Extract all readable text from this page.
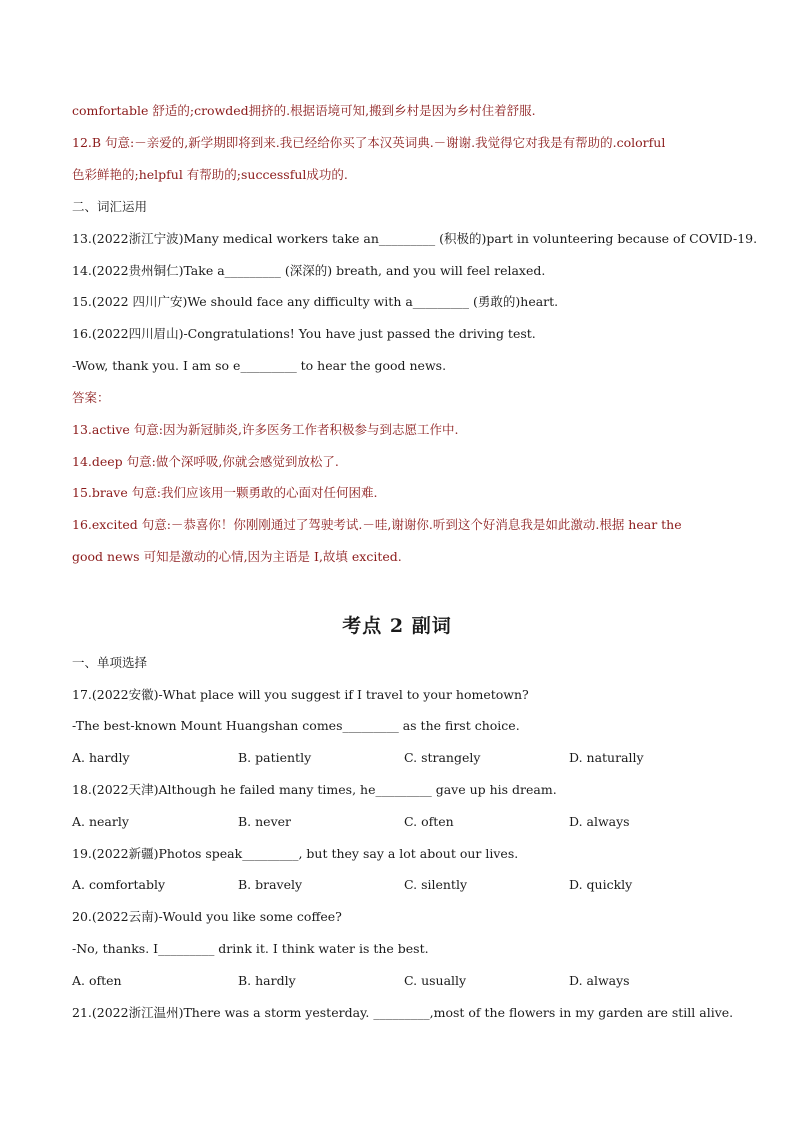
comfortable 舒适的;crowded拥挤的.根据语境可知,搬到乡村是因为乡村住着舒服.
12.B 句意:－亲爱的,新学期即将到来.我已经给你买了本汉英词典.－谢谢.我觉得它对我是有帮助的.colorful
色彩鲜艳的;helpful 有帮助的;successful成功的.
二、词汇运用
13.(2022浙江宁波)Many medical workers take an_________ (积极的)part in volunteering because of COVID-19.
14.(2022贵州铜仁)Take a_________ (深深的) breath, and you will feel relaxed.
15.(2022 四川广安)We should face any difficulty with a_________ (勇敢的)heart.
16.(2022四川眉山)-Congratulations! You have just passed the driving test.
-Wow, thank you. I am so e_________ to hear the good news.
答案：
13.active 句意:因为新冠肺炎,许多医务工作者积极参与到志愿工作中.
14.deep 句意:做个深呼吸,你就会感觉到放松了.
15.brave 句意:我们应该用一颗勇敢的心面对任何困难.
16.excited 句意:－恭喜你！你刚刚通过了驾驶考试.－哇,谢谢你.听到这个好消息我是如此激动.根据 hear the
good news 可知是激动的心情,因为主语是 I,故填 excited.
考点 2 副词
一、单项选择
17.(2022安徽)-What place will you suggest if I travel to your hometown?
-The best-known Mount Huangshan comes_________ as the first choice.
A. hardly	B. patiently	C. strangely	D. naturally
18.(2022天津)Although he failed many times, he_________ gave up his dream.
A. nearly	B. never	C. often	D. always
19.(2022新疆)Photos speak_________, but they say a lot about our lives.
A. comfortably	B. bravely	C. silently	D. quickly
20.(2022云南)-Would you like some coffee?
-No, thanks. I_________ drink it. I think water is the best.
A. often	B. hardly	C. usually	D. always
21.(2022浙江温州)There was a storm yesterday. _________,most of the flowers in my garden are still alive.
